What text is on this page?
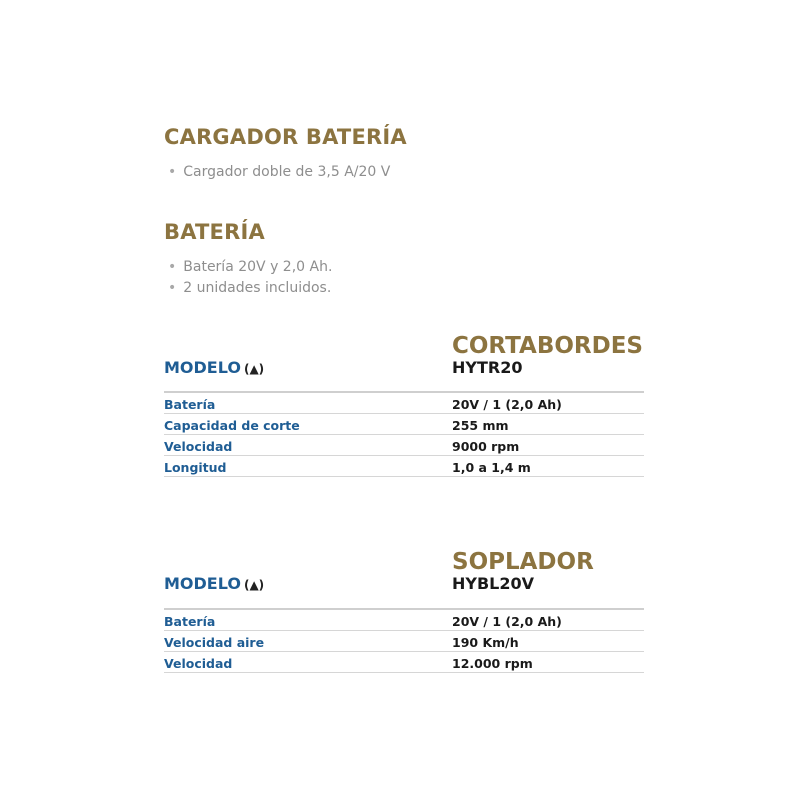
CARGADOR BATERÍA
• Cargador doble de 3,5 A/20 V
BATERÍA
• Batería 20V y 2,0 Ah.
• 2 unidades incluidos.
CORTABORDES
MODELO (▲)	HYTR20
Batería	20V / 1 (2,0 Ah)
Capacidad de corte	255 mm
Velocidad	9000 rpm
Longitud	1,0 a 1,4 m
SOPLADOR
MODELO (▲)	HYBL20V
Batería	20V / 1 (2,0 Ah)
Velocidad aire	190 Km/h
Velocidad	12.000 rpm
